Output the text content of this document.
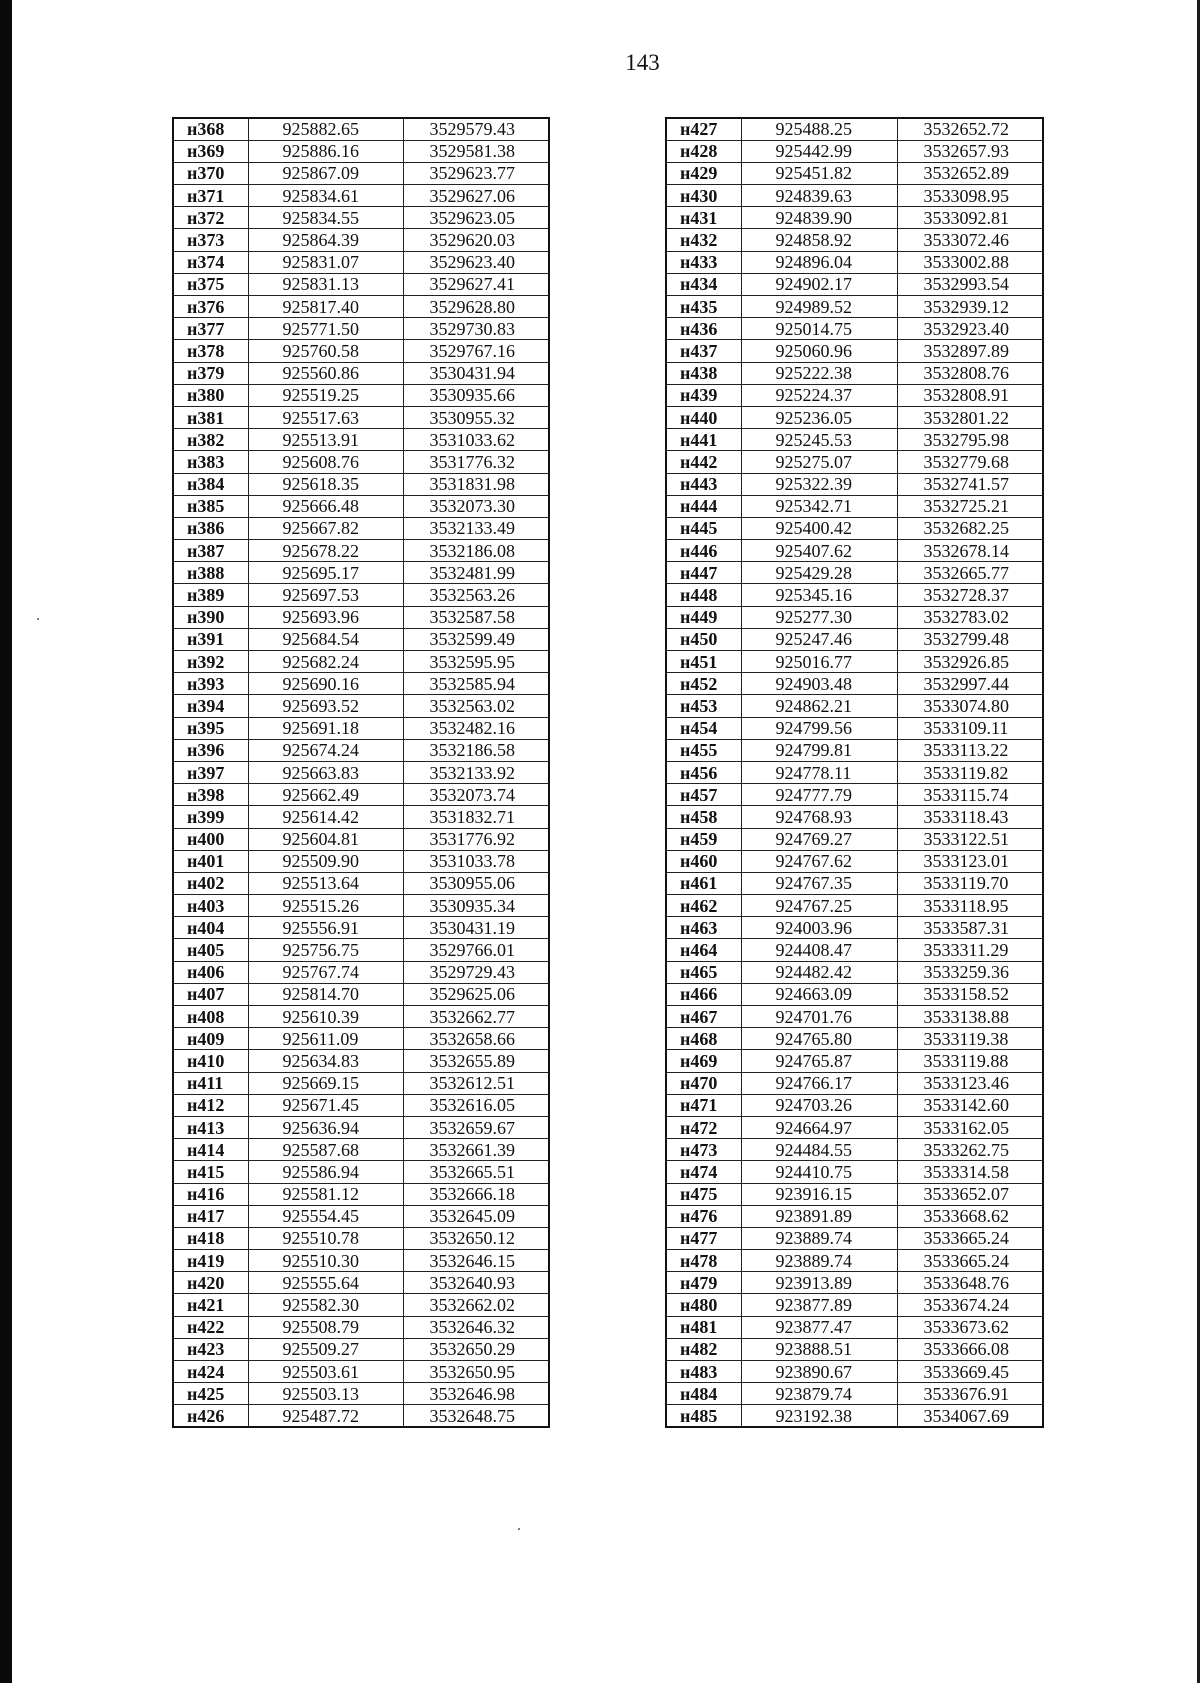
143
н368	925882.65	3529579.43
н369	925886.16	3529581.38
н370	925867.09	3529623.77
н371	925834.61	3529627.06
н372	925834.55	3529623.05
н373	925864.39	3529620.03
н374	925831.07	3529623.40
н375	925831.13	3529627.41
н376	925817.40	3529628.80
н377	925771.50	3529730.83
н378	925760.58	3529767.16
н379	925560.86	3530431.94
н380	925519.25	3530935.66
н381	925517.63	3530955.32
н382	925513.91	3531033.62
н383	925608.76	3531776.32
н384	925618.35	3531831.98
н385	925666.48	3532073.30
н386	925667.82	3532133.49
н387	925678.22	3532186.08
н388	925695.17	3532481.99
н389	925697.53	3532563.26
н390	925693.96	3532587.58
н391	925684.54	3532599.49
н392	925682.24	3532595.95
н393	925690.16	3532585.94
н394	925693.52	3532563.02
н395	925691.18	3532482.16
н396	925674.24	3532186.58
н397	925663.83	3532133.92
н398	925662.49	3532073.74
н399	925614.42	3531832.71
н400	925604.81	3531776.92
н401	925509.90	3531033.78
н402	925513.64	3530955.06
н403	925515.26	3530935.34
н404	925556.91	3530431.19
н405	925756.75	3529766.01
н406	925767.74	3529729.43
н407	925814.70	3529625.06
н408	925610.39	3532662.77
н409	925611.09	3532658.66
н410	925634.83	3532655.89
н411	925669.15	3532612.51
н412	925671.45	3532616.05
н413	925636.94	3532659.67
н414	925587.68	3532661.39
н415	925586.94	3532665.51
н416	925581.12	3532666.18
н417	925554.45	3532645.09
н418	925510.78	3532650.12
н419	925510.30	3532646.15
н420	925555.64	3532640.93
н421	925582.30	3532662.02
н422	925508.79	3532646.32
н423	925509.27	3532650.29
н424	925503.61	3532650.95
н425	925503.13	3532646.98
н426	925487.72	3532648.75
н427	925488.25	3532652.72
н428	925442.99	3532657.93
н429	925451.82	3532652.89
н430	924839.63	3533098.95
н431	924839.90	3533092.81
н432	924858.92	3533072.46
н433	924896.04	3533002.88
н434	924902.17	3532993.54
н435	924989.52	3532939.12
н436	925014.75	3532923.40
н437	925060.96	3532897.89
н438	925222.38	3532808.76
н439	925224.37	3532808.91
н440	925236.05	3532801.22
н441	925245.53	3532795.98
н442	925275.07	3532779.68
н443	925322.39	3532741.57
н444	925342.71	3532725.21
н445	925400.42	3532682.25
н446	925407.62	3532678.14
н447	925429.28	3532665.77
н448	925345.16	3532728.37
н449	925277.30	3532783.02
н450	925247.46	3532799.48
н451	925016.77	3532926.85
н452	924903.48	3532997.44
н453	924862.21	3533074.80
н454	924799.56	3533109.11
н455	924799.81	3533113.22
н456	924778.11	3533119.82
н457	924777.79	3533115.74
н458	924768.93	3533118.43
н459	924769.27	3533122.51
н460	924767.62	3533123.01
н461	924767.35	3533119.70
н462	924767.25	3533118.95
н463	924003.96	3533587.31
н464	924408.47	3533311.29
н465	924482.42	3533259.36
н466	924663.09	3533158.52
н467	924701.76	3533138.88
н468	924765.80	3533119.38
н469	924765.87	3533119.88
н470	924766.17	3533123.46
н471	924703.26	3533142.60
н472	924664.97	3533162.05
н473	924484.55	3533262.75
н474	924410.75	3533314.58
н475	923916.15	3533652.07
н476	923891.89	3533668.62
н477	923889.74	3533665.24
н478	923889.74	3533665.24
н479	923913.89	3533648.76
н480	923877.89	3533674.24
н481	923877.47	3533673.62
н482	923888.51	3533666.08
н483	923890.67	3533669.45
н484	923879.74	3533676.91
н485	923192.38	3534067.69
